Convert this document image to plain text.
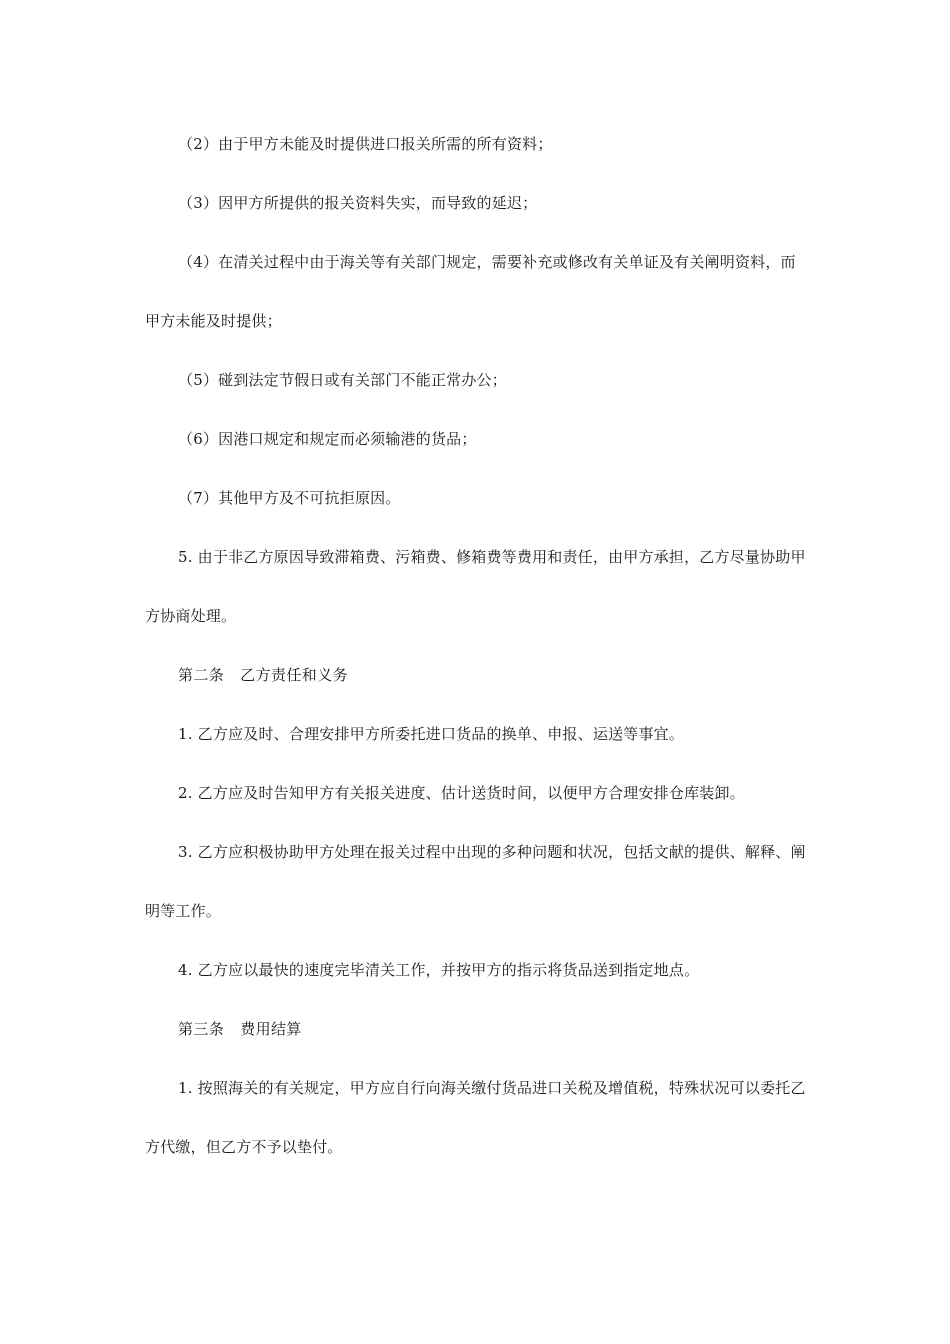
（2）由于甲方未能及时提供进口报关所需的所有资料；

（3）因甲方所提供的报关资料失实，而导致的延迟；

（4）在清关过程中由于海关等有关部门规定，需要补充或修改有关单证及有关阐明资料，而甲方未能及时提供；

（5）碰到法定节假日或有关部门不能正常办公；

（6）因港口规定和规定而必须输港的货品；

（7）其他甲方及不可抗拒原因。

5. 由于非乙方原因导致滞箱费、污箱费、修箱费等费用和责任，由甲方承担，乙方尽量协助甲方协商处理。

第二条 乙方责任和义务

1. 乙方应及时、合理安排甲方所委托进口货品的换单、申报、运送等事宜。

2. 乙方应及时告知甲方有关报关进度、估计送货时间，以便甲方合理安排仓库装卸。

3. 乙方应积极协助甲方处理在报关过程中出现的多种问题和状况，包括文献的提供、解释、阐明等工作。

4. 乙方应以最快的速度完毕清关工作，并按甲方的指示将货品送到指定地点。

第三条 费用结算

1. 按照海关的有关规定，甲方应自行向海关缴付货品进口关税及增值税，特殊状况可以委托乙方代缴，但乙方不予以垫付。
